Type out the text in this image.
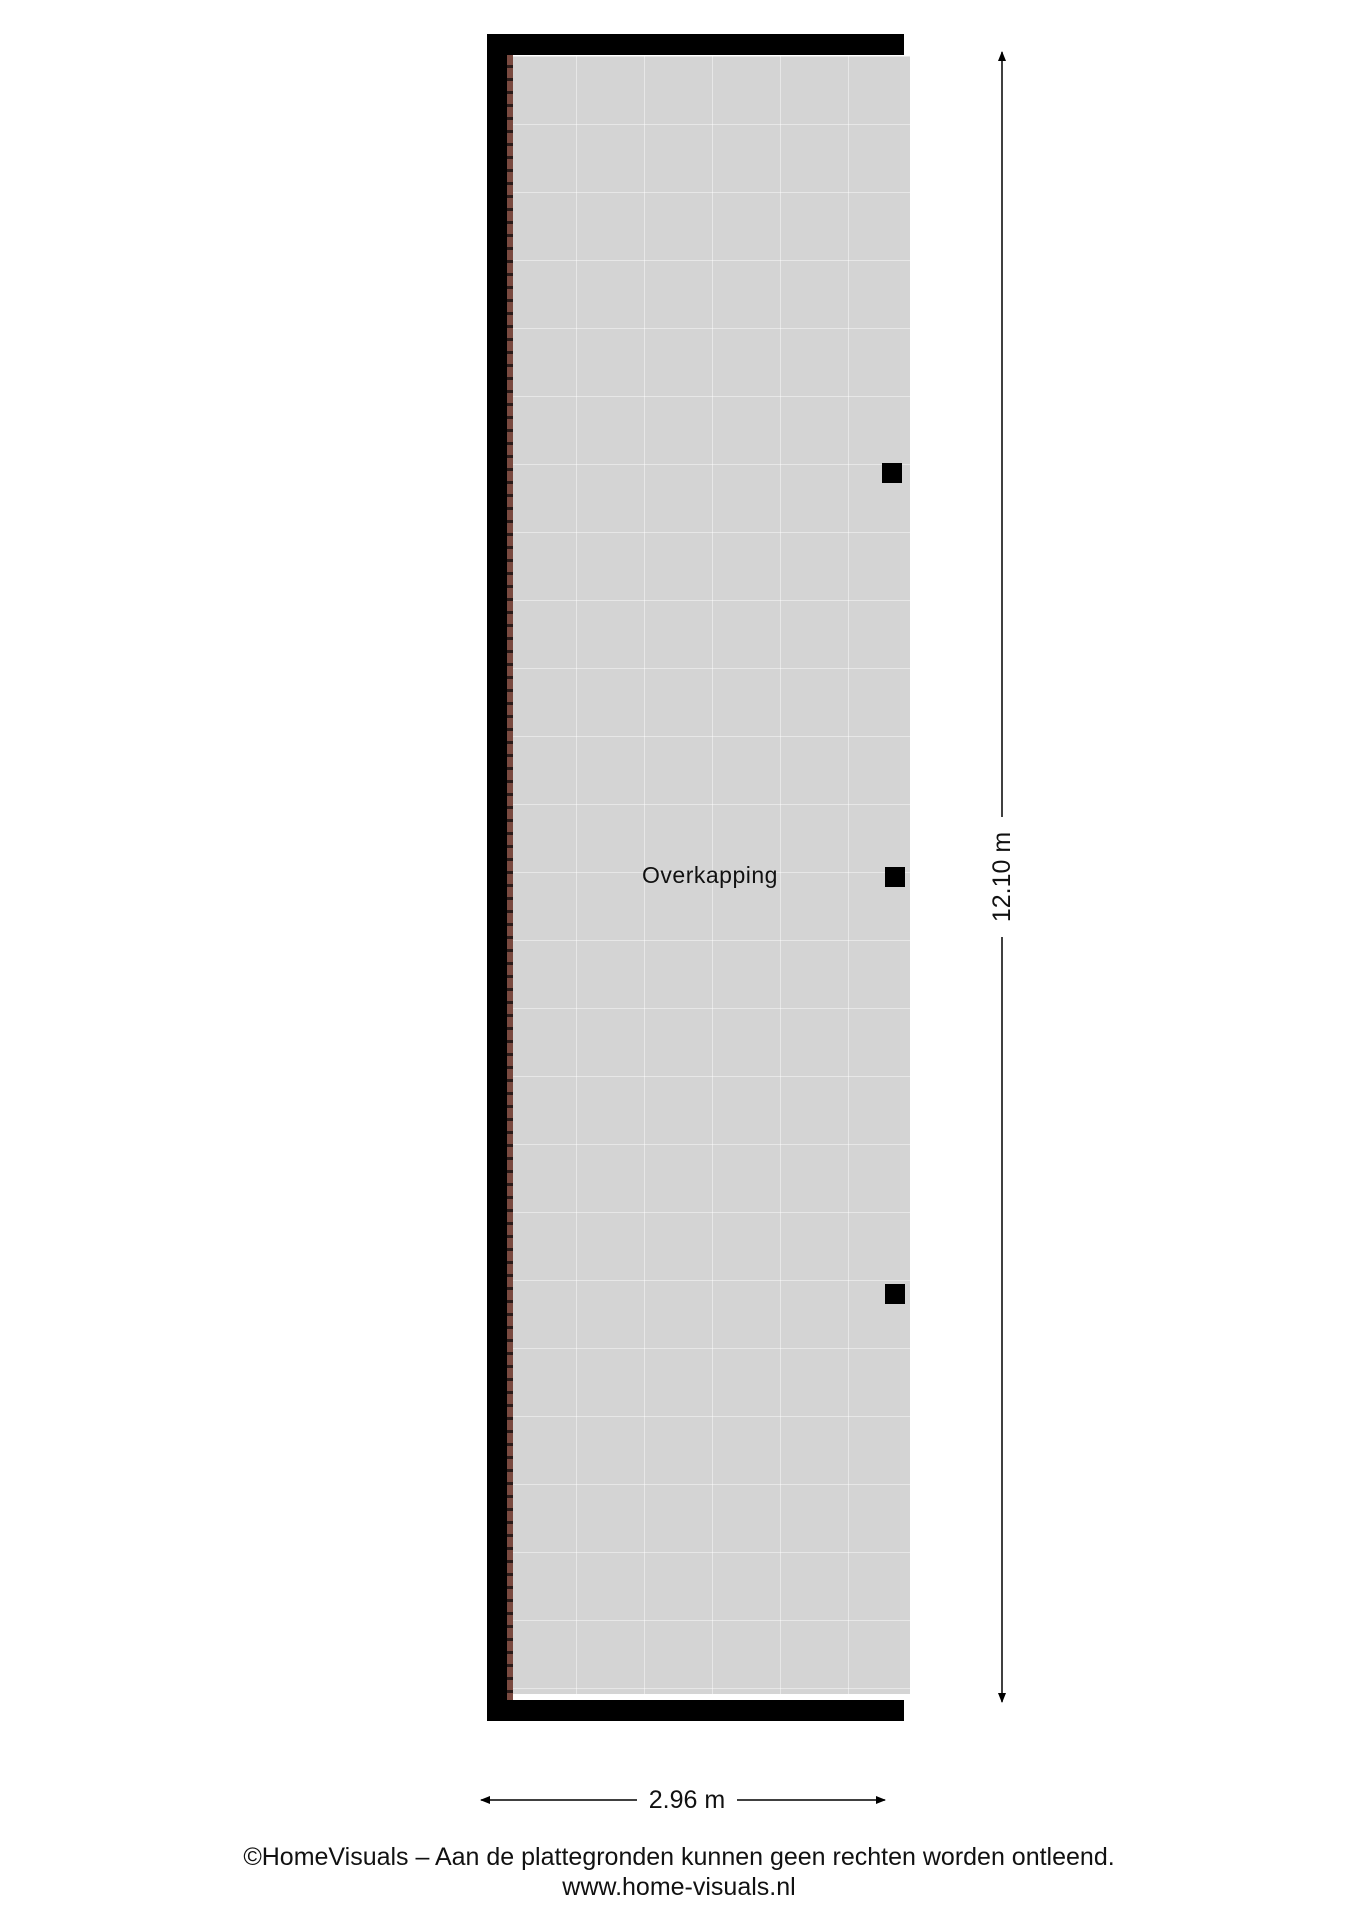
Overkapping	12.10 m
2.96 m
©HomeVisuals – Aan de plattegronden kunnen geen rechten worden ontleend.
www.home-visuals.nl
